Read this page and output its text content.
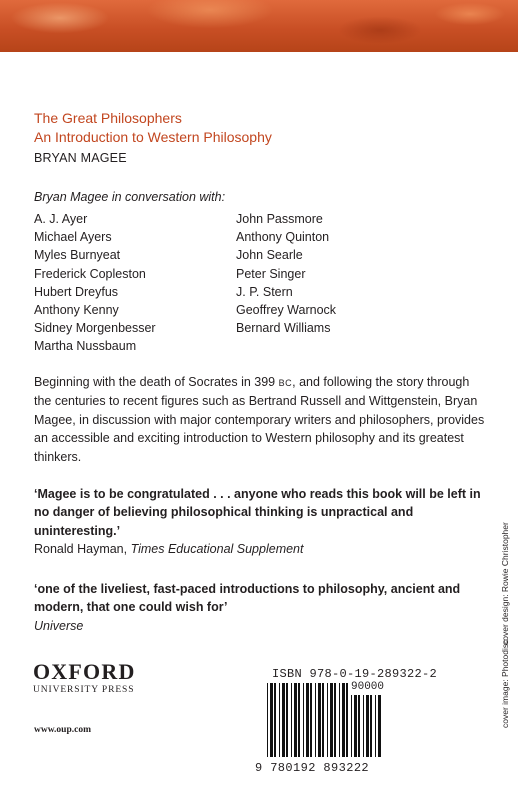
The Great Philosophers
An Introduction to Western Philosophy
BRYAN MAGEE
Bryan Magee in conversation with:
A. J. Ayer
Michael Ayers
Myles Burnyeat
Frederick Copleston
Hubert Dreyfus
Anthony Kenny
Sidney Morgenbesser
Martha Nussbaum
John Passmore
Anthony Quinton
John Searle
Peter Singer
J. P. Stern
Geoffrey Warnock
Bernard Williams
Beginning with the death of Socrates in 399 BC, and following the story through the centuries to recent figures such as Bertrand Russell and Wittgenstein, Bryan Magee, in discussion with major contemporary writers and philosophers, provides an accessible and exciting introduction to Western philosophy and its greatest thinkers.

‘Magee is to be congratulated . . . anyone who reads this book will be left in no danger of believing philosophical thinking is unpractical and uninteresting.’

Ronald Hayman, Times Educational Supplement

‘one of the liveliest, fast-paced introductions to philosophy, ancient and modern, that one could wish for’

Universe

OXFORD
UNIVERSITY PRESS
www.oup.com
ISBN 978-0-19-289322-2
90000
9 780192 893222
cover image: Photodisc
cover design: Rowie Christopher
